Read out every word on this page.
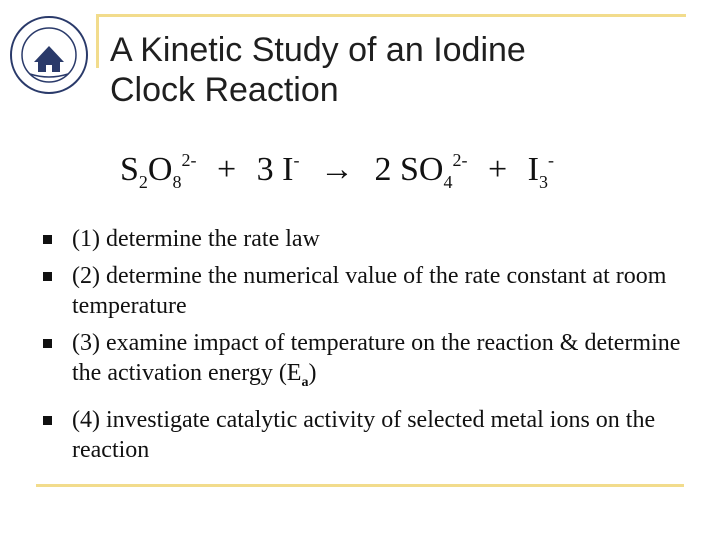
A Kinetic Study of an Iodine
Clock Reaction
$S_2O_8^{2-} + 3$ I- → 2 $SO_4^{2-} + I_3^-$
(1) determine the rate law
(2) determine the numerical value of the rate constant at room temperature
(3) examine impact of temperature on the reaction & determine the activation energy $(E_a)$
(4) investigate catalytic activity of selected metal ions on the reaction
